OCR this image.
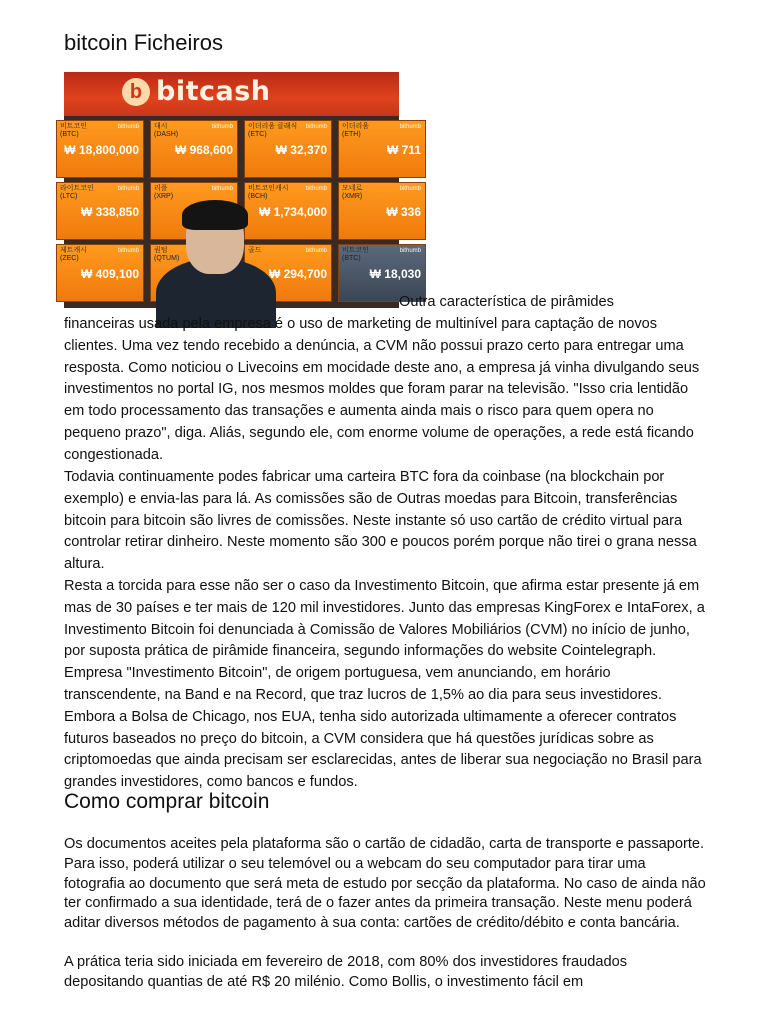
bitcoin Ficheiros
b bitcash
비트코인
(BTC)
bithumb
₩ 18,800,000
대시
(DASH)
bithumb
₩ 968,600
이더리움 클래식
(ETC)
bithumb
₩ 32,370
이더리움
(ETH)
bithumb
₩ 711
라이트코인
(LTC)
bithumb
₩ 338,850
리플
(XRP)
bithumb 비트코인캐시
(BCH)
bithumb
₩ 1,734,000
모네로
(XMR)
bithumb
₩ 336
제트캐시
(ZEC)
bithumb
₩ 409,100
퀀텀
(QTUM)
골드	bithumb
₩ 294,700
비트코인
(BTC)
bithumb
₩ 18,030
Outra característica de pirâmides

financeiras usada pela empresa é o uso de marketing de multinível para captação de novos clientes. Uma vez tendo recebido a denúncia, a CVM não possui prazo certo para entregar uma resposta. Como noticiou o Livecoins em mocidade deste ano, a empresa já vinha divulgando seus investimentos no portal IG, nos mesmos moldes que foram parar na televisão. "Isso cria lentidão em todo processamento das transações e aumenta ainda mais o risco para quem opera no pequeno prazo", diga. Aliás, segundo ele, com enorme volume de operações, a rede está ficando congestionada.

Todavia continuamente podes fabricar uma carteira BTC fora da coinbase (na blockchain por exemplo) e envia-las para lá. As comissões são de Outras moedas para Bitcoin, transferências bitcoin para bitcoin são livres de comissões. Neste instante só uso cartão de crédito virtual para controlar retirar dinheiro. Neste momento são 300 e poucos porém porque não tirei o grana nessa altura.

Resta a torcida para esse não ser o caso da Investimento Bitcoin, que afirma estar presente já em mas de 30 países e ter mais de 120 mil investidores. Junto das empresas KingForex e IntaForex, a Investimento Bitcoin foi denunciada à Comissão de Valores Mobiliários (CVM) no início de junho, por suposta prática de pirâmide financeira, segundo informações do website Cointelegraph. Empresa "Investimento Bitcoin", de origem portuguesa, vem anunciando, em horário transcendente, na Band e na Record, que traz lucros de 1,5% ao dia para seus investidores. Embora a Bolsa de Chicago, nos EUA, tenha sido autorizada ultimamente a oferecer contratos futuros baseados no preço do bitcoin, a CVM considera que há questões jurídicas sobre as criptomoedas que ainda precisam ser esclarecidas, antes de liberar sua negociação no Brasil para grandes investidores, como bancos e fundos.

Como comprar bitcoin

Os documentos aceites pela plataforma são o cartão de cidadão, carta de transporte e passaporte. Para isso, poderá utilizar o seu telemóvel ou a webcam do seu computador para tirar uma fotografia ao documento que será meta de estudo por secção da plataforma. No caso de ainda não ter confirmado a sua identidade, terá de o fazer antes da primeira transação. Neste menu poderá aditar diversos métodos de pagamento à sua conta: cartões de crédito/débito e conta bancária.

A prática teria sido iniciada em fevereiro de 2018, com 80% dos investidores fraudados depositando quantias de até R$ 20 milénio. Como Bollis, o investimento fácil em
